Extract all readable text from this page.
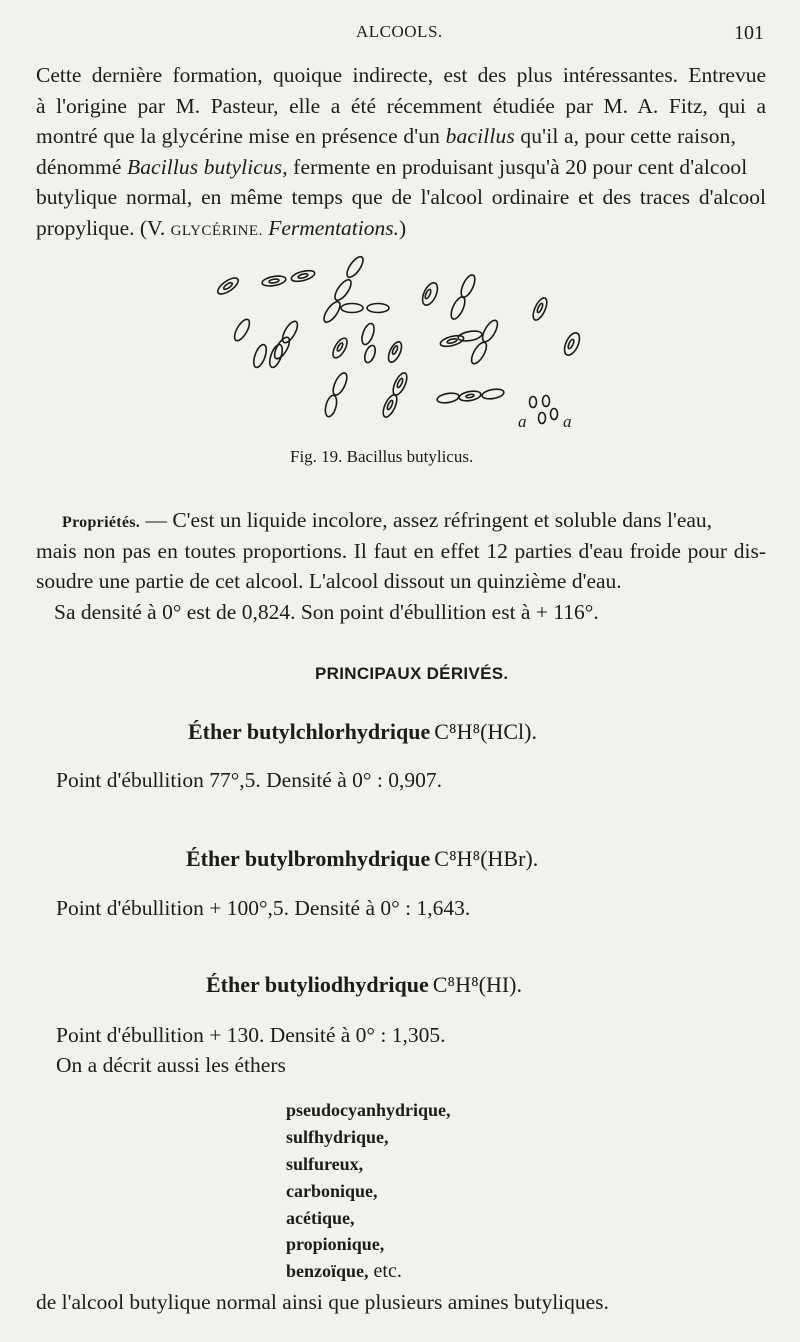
ALCOOLS.	101
Cette dernière formation, quoique indirecte, est des plus intéressantes. Entrevue
à l'origine par M. Pasteur, elle a été récemment étudiée par M. A. Fitz, qui a
montré que la glycérine mise en présence d'un bacillus qu'il a, pour cette raison,
dénommé Bacillus butylicus, fermente en produisant jusqu'à 20 pour cent d'alcool
butylique normal, en même temps que de l'alcool ordinaire et des traces d'alcool
propylique. (V. GLYCÉRINE. Fermentations.)
a a
Fig. 19. Bacillus butylicus.
Propriétés. — C'est un liquide incolore, assez réfringent et soluble dans l'eau,
mais non pas en toutes proportions. Il faut en effet 12 parties d'eau froide pour dis-
soudre une partie de cet alcool. L'alcool dissout un quinzième d'eau.
Sa densité à 0° est de 0,824. Son point d'ébullition est à + 116°.
PRINCIPAUX DÉRIVÉS.
Éther butylchlorhydrique C⁸H⁸(HCl).
Point d'ébullition 77°,5. Densité à 0° : 0,907.
Éther butylbromhydrique C⁸H⁸(HBr).
Point d'ébullition + 100°,5. Densité à 0° : 1,643.
Éther butyliodhydrique C⁸H⁸(HI).
Point d'ébullition + 130. Densité à 0° : 1,305.
On a décrit aussi les éthers
pseudocyanhydrique,
sulfhydrique,
sulfureux,
carbonique,
acétique,
propionique,
benzoïque, etc.
de l'alcool butylique normal ainsi que plusieurs amines butyliques.
